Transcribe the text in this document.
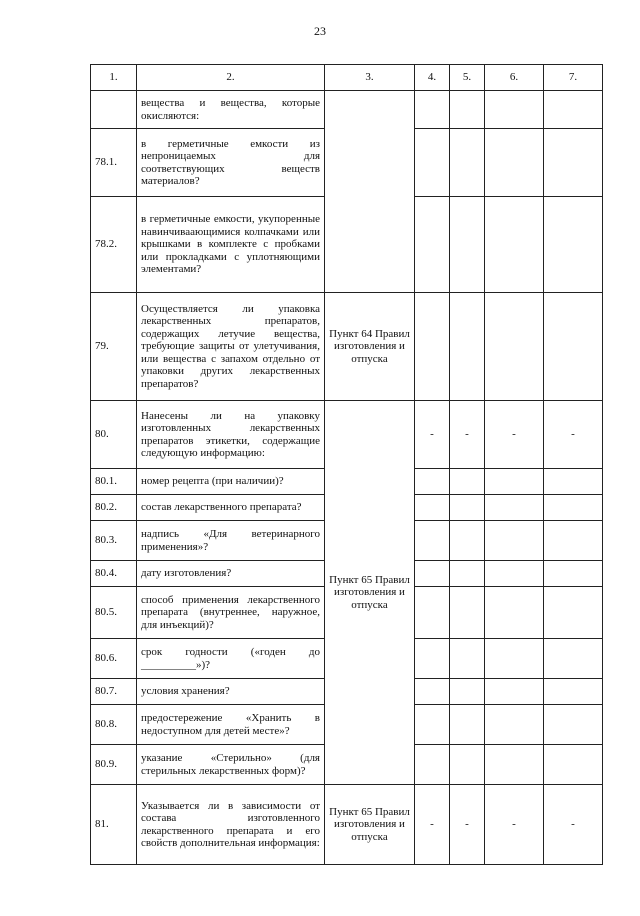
23
1.	2.	3.	4.	5.	6.	7.
	вещества и вещества, которые окисляются:					
78.1.	в герметичные емкости из непроницаемых для соответствующих веществ материалов?					
78.2.	в герметичные емкости, укупоренные навинчиваающимися колпачками или крышками в комплекте с пробками или прокладками с уплотняющими элементами?					
79.	Осуществляется ли упаковка лекарственных препаратов, содержащих летучие вещества, требующие защиты от улетучивания, или вещества с запахом отдельно от упаковки других лекарственных препаратов?	Пункт 64 Правил изготовления и отпуска				
80.	Нанесены ли на упаковку изготовленных лекарственных препаратов этикетки, содержащие следующую информацию:	Пункт 65 Правил изготовления и отпуска	-	-	-	-
80.1.	номер рецепта (при наличии)?					
80.2.	состав лекарственного препарата?					
80.3.	надпись «Для ветеринарного применения»?					
80.4.	дату изготовления?					
80.5.	способ применения лекарственного препарата (внутреннее, наружное, для инъекций)?					
80.6.	срок годности («годен до __________»)?					
80.7.	условия хранения?					
80.8.	предостережение «Хранить в недоступном для детей месте»?					
80.9.	указание «Стерильно» (для стерильных лекарственных форм)?					
81.	Указывается ли в зависимости от состава изготовленного лекарственного препарата и его свойств дополнительная информация:	Пункт 65 Правил изготовления и отпуска	-	-	-	-
